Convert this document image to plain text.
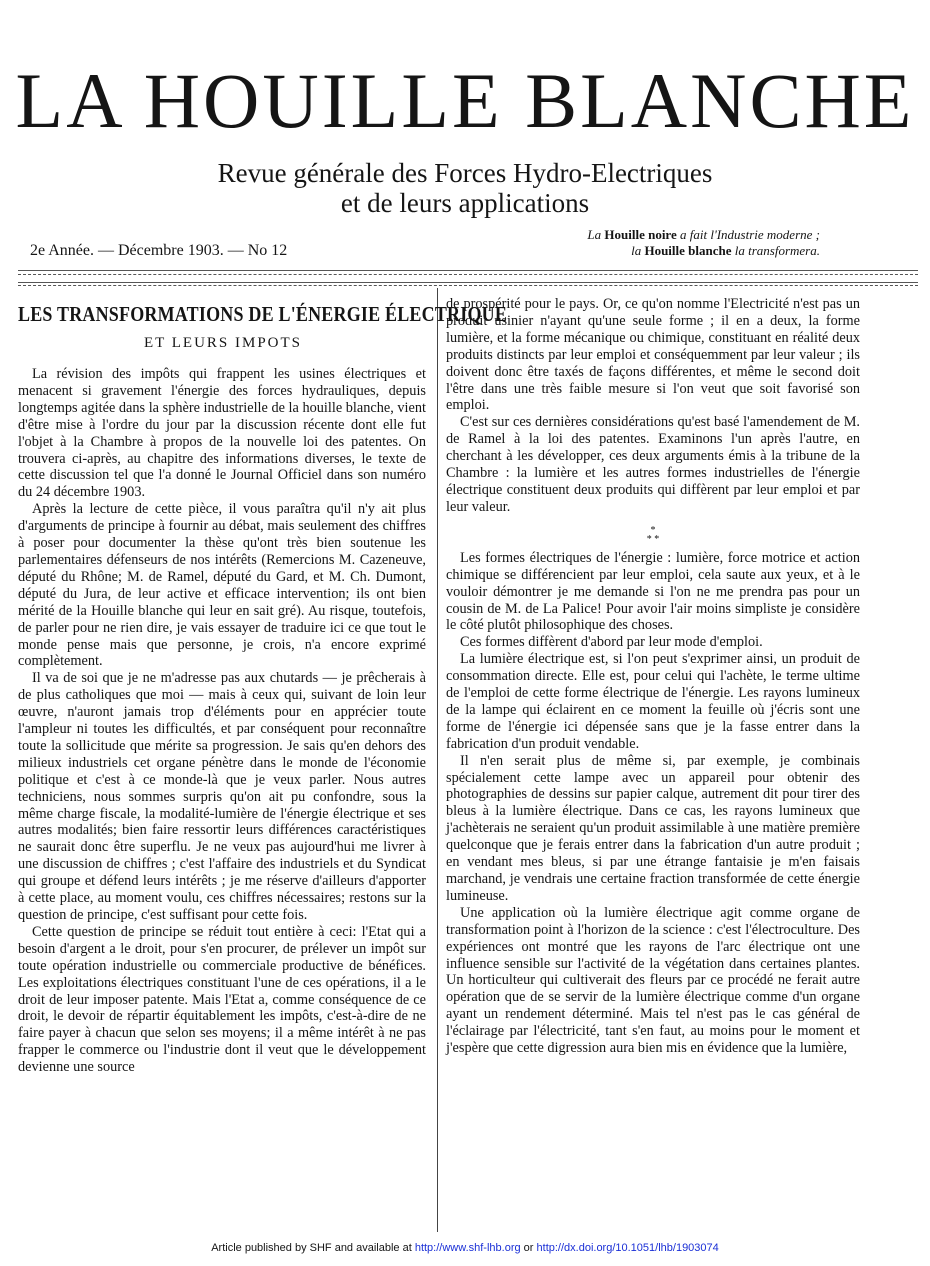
LA HOUILLE BLANCHE
Revue générale des Forces Hydro-Electriques
et de leurs applications
2e Année. — Décembre 1903. — No 12
La Houille noire a fait l'Industrie moderne ;
la Houille blanche la transformera.
LES TRANSFORMATIONS DE L'ÉNERGIE ÉLECTRIQUE
ET LEURS IMPOTS

La révision des impôts qui frappent les usines électriques et menacent si gravement l'énergie des forces hydrauliques, depuis longtemps agitée dans la sphère industrielle de la houille blanche, vient d'être mise à l'ordre du jour par la discussion récente dont elle fut l'objet à la Chambre à propos de la nouvelle loi des patentes. On trouvera ci-après, au chapitre des informations diverses, le texte de cette discussion tel que l'a donné le Journal Officiel dans son numéro du 24 décembre 1903.

Après la lecture de cette pièce, il vous paraîtra qu'il n'y ait plus d'arguments de principe à fournir au débat, mais seulement des chiffres à poser pour documenter la thèse qu'ont très bien soutenue les parlementaires défenseurs de nos intérêts (Remercions M. Cazeneuve, député du Rhône; M. de Ramel, député du Gard, et M. Ch. Dumont, député du Jura, de leur active et efficace intervention; ils ont bien mérité de la Houille blanche qui leur en sait gré). Au risque, toutefois, de parler pour ne rien dire, je vais essayer de traduire ici ce que tout le monde pense mais que personne, je crois, n'a encore exprimé complètement.

Il va de soi que je ne m'adresse pas aux chutards — je prêcherais à de plus catholiques que moi — mais à ceux qui, suivant de loin leur œuvre, n'auront jamais trop d'éléments pour en apprécier toute l'ampleur ni toutes les difficultés, et par conséquent pour reconnaître toute la sollicitude que mérite sa progression. Je sais qu'en dehors des milieux industriels cet organe pénètre dans le monde de l'économie politique et c'est à ce monde-là que je veux parler. Nous autres techniciens, nous sommes surpris qu'on ait pu confondre, sous la même charge fiscale, la modalité-lumière de l'énergie électrique et ses autres modalités; bien faire ressortir leurs différences caractéristiques ne saurait donc être superflu. Je ne veux pas aujourd'hui me livrer à une discussion de chiffres ; c'est l'affaire des industriels et du Syndicat qui groupe et défend leurs intérêts ; je me réserve d'ailleurs d'apporter à cette place, au moment voulu, ces chiffres nécessaires; restons sur la question de principe, c'est suffisant pour cette fois.

Cette question de principe se réduit tout entière à ceci: l'Etat qui a besoin d'argent a le droit, pour s'en procurer, de prélever un impôt sur toute opération industrielle ou commerciale productive de bénéfices. Les exploitations électriques constituant l'une de ces opérations, il a le droit de leur imposer patente. Mais l'Etat a, comme conséquence de ce droit, le devoir de répartir équitablement les impôts, c'est-à-dire de ne faire payer à chacun que selon ses moyens; il a même intérêt à ne pas frapper le commerce ou l'industrie dont il veut que le développement devienne une source

de prospérité pour le pays. Or, ce qu'on nomme l'Electricité n'est pas un produit usinier n'ayant qu'une seule forme ; il en a deux, la forme lumière, et la forme mécanique ou chimique, constituant en réalité deux produits distincts par leur emploi et conséquemment par leur valeur ; ils doivent donc être taxés de façons différentes, et même le second doit l'être dans une très faible mesure si l'on veut que soit favorisé son emploi.

C'est sur ces dernières considérations qu'est basé l'amendement de M. de Ramel à la loi des patentes. Examinons l'un après l'autre, en cherchant à les développer, ces deux arguments émis à la tribune de la Chambre : la lumière et les autres formes industrielles de l'énergie électrique constituent deux produits qui diffèrent par leur emploi et par leur valeur.

*
* *

Les formes électriques de l'énergie : lumière, force motrice et action chimique se différencient par leur emploi, cela saute aux yeux, et à le vouloir démontrer je me demande si l'on ne me prendra pas pour un cousin de M. de La Palice! Pour avoir l'air moins simpliste je considère le côté plutôt philosophique des choses.

Ces formes diffèrent d'abord par leur mode d'emploi.

La lumière électrique est, si l'on peut s'exprimer ainsi, un produit de consommation directe. Elle est, pour celui qui l'achète, le terme ultime de l'emploi de cette forme électrique de l'énergie. Les rayons lumineux de la lampe qui éclairent en ce moment la feuille où j'écris sont une forme de l'énergie ici dépensée sans que je la fasse entrer dans la fabrication d'un produit vendable.

Il n'en serait plus de même si, par exemple, je combinais spécialement cette lampe avec un appareil pour obtenir des photographies de dessins sur papier calque, autrement dit pour tirer des bleus à la lumière électrique. Dans ce cas, les rayons lumineux que j'achèterais ne seraient qu'un produit assimilable à une matière première quelconque que je ferais entrer dans la fabrication d'un autre produit ; en vendant mes bleus, si par une étrange fantaisie je m'en faisais marchand, je vendrais une certaine fraction transformée de cette énergie lumineuse.

Une application où la lumière électrique agit comme organe de transformation point à l'horizon de la science : c'est l'électroculture. Des expériences ont montré que les rayons de l'arc électrique ont une influence sensible sur l'activité de la végétation dans certaines plantes. Un horticulteur qui cultiverait des fleurs par ce procédé ne ferait autre opération que de se servir de la lumière électrique comme d'un organe ayant un rendement déterminé. Mais tel n'est pas le cas général de l'éclairage par l'électricité, tant s'en faut, au moins pour le moment et j'espère que cette digression aura bien mis en évidence que la lumière,

Article published by SHF and available at http://www.shf-lhb.org or http://dx.doi.org/10.1051/lhb/1903074
